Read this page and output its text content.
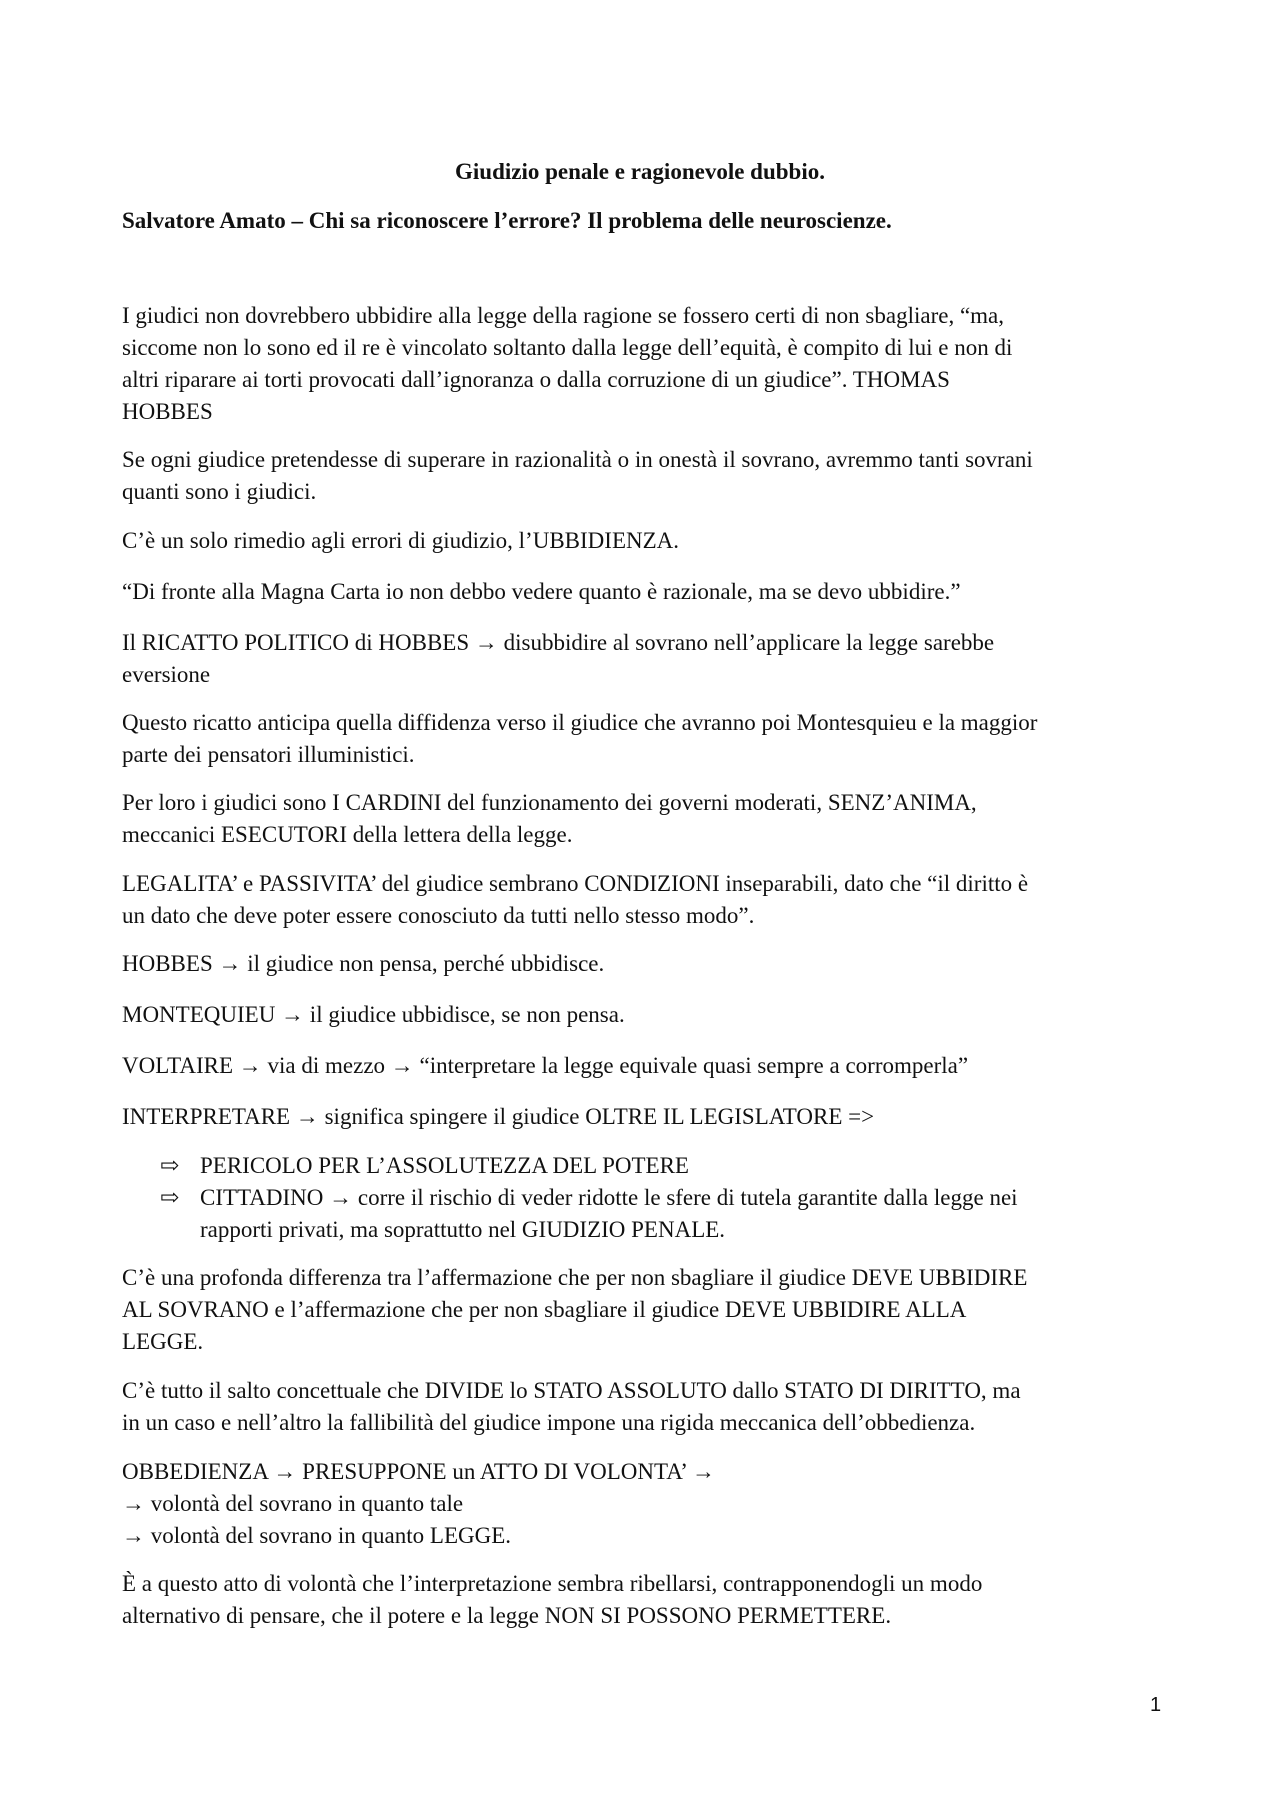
Giudizio penale e ragionevole dubbio.
Salvatore Amato – Chi sa riconoscere l’errore? Il problema delle neuroscienze.
I giudici non dovrebbero ubbidire alla legge della ragione se fossero certi di non sbagliare, “ma,
siccome non lo sono ed il re è vincolato soltanto dalla legge dell’equità, è compito di lui e non di
altri riparare ai torti provocati dall’ignoranza o dalla corruzione di un giudice”. THOMAS
HOBBES
Se ogni giudice pretendesse di superare in razionalità o in onestà il sovrano, avremmo tanti sovrani
quanti sono i giudici.
C’è un solo rimedio agli errori di giudizio, l’UBBIDIENZA.
“Di fronte alla Magna Carta io non debbo vedere quanto è razionale, ma se devo ubbidire.”
Il RICATTO POLITICO di HOBBES → disubbidire al sovrano nell’applicare la legge sarebbe
eversione
Questo ricatto anticipa quella diffidenza verso il giudice che avranno poi Montesquieu e la maggior
parte dei pensatori illuministici.
Per loro i giudici sono I CARDINI del funzionamento dei governi moderati, SENZ’ANIMA,
meccanici ESECUTORI della lettera della legge.
LEGALITA’ e PASSIVITA’ del giudice sembrano CONDIZIONI inseparabili, dato che “il diritto è
un dato che deve poter essere conosciuto da tutti nello stesso modo”.
HOBBES → il giudice non pensa, perché ubbidisce.
MONTEQUIEU → il giudice ubbidisce, se non pensa.
VOLTAIRE → via di mezzo → “interpretare la legge equivale quasi sempre a corromperla”
INTERPRETARE → significa spingere il giudice OLTRE IL LEGISLATORE =>
⇨ PERICOLO PER L’ASSOLUTEZZA DEL POTERE
⇨ CITTADINO → corre il rischio di veder ridotte le sfere di tutela garantite dalla legge nei
rapporti privati, ma soprattutto nel GIUDIZIO PENALE.
C’è una profonda differenza tra l’affermazione che per non sbagliare il giudice DEVE UBBIDIRE
AL SOVRANO e l’affermazione che per non sbagliare il giudice DEVE UBBIDIRE ALLA
LEGGE.
C’è tutto il salto concettuale che DIVIDE lo STATO ASSOLUTO dallo STATO DI DIRITTO, ma
in un caso e nell’altro la fallibilità del giudice impone una rigida meccanica dell’obbedienza.
OBBEDIENZA → PRESUPPONE un ATTO DI VOLONTA’ →
→ volontà del sovrano in quanto tale
→ volontà del sovrano in quanto LEGGE.
È a questo atto di volontà che l’interpretazione sembra ribellarsi, contrapponendogli un modo
alternativo di pensare, che il potere e la legge NON SI POSSONO PERMETTERE.
1
